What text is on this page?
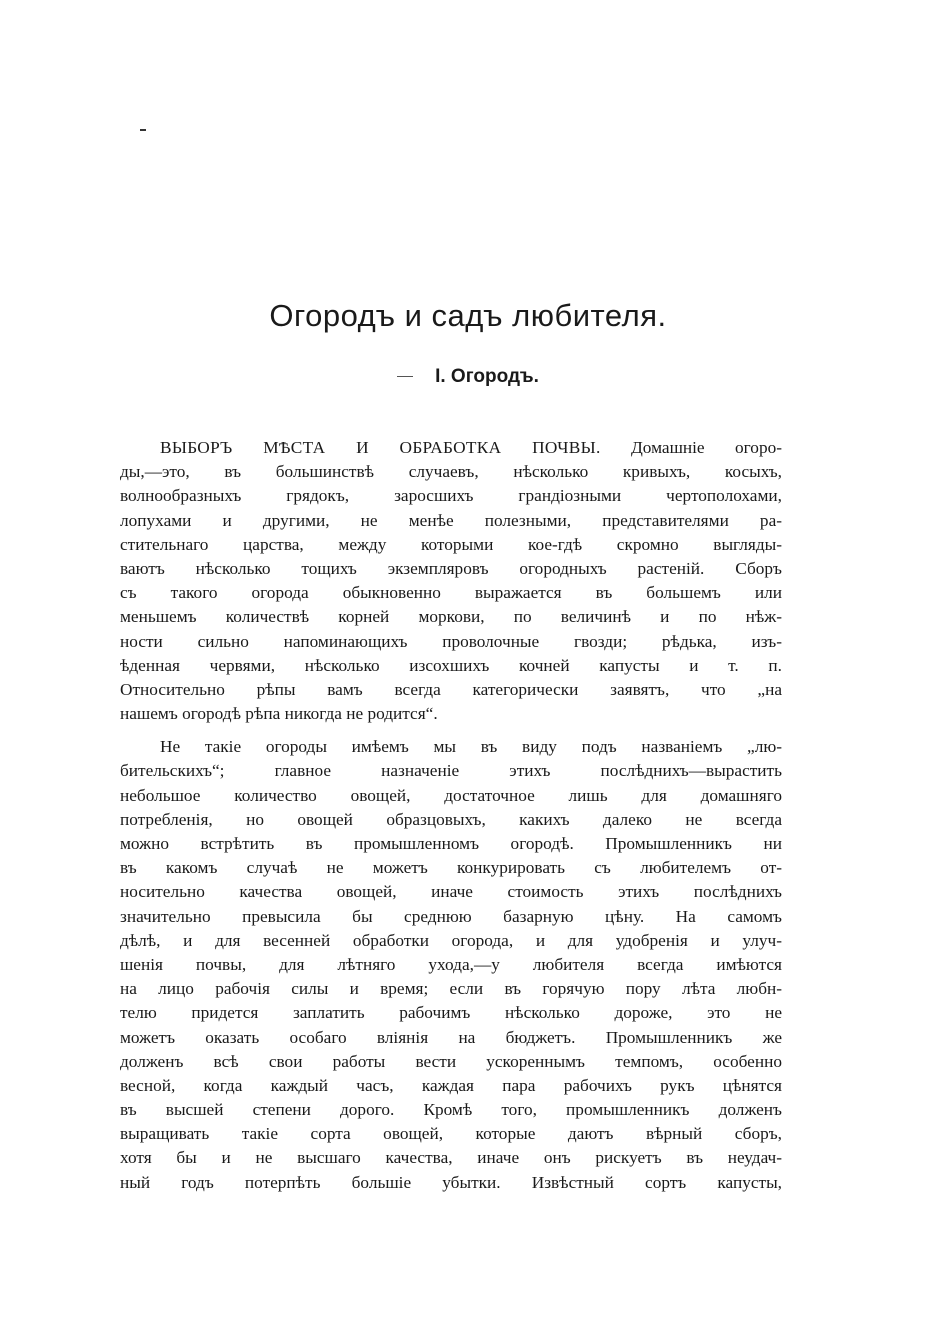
Огородъ и садъ любителя.
I. Огородъ.
ВЫБОРЪ МѢСТА И ОБРАБОТКА ПОЧВЫ. Домашніе огоро-
ды,—это, въ большинствѣ случаевъ, нѣсколько кривыхъ, косыхъ,
волнообразныхъ грядокъ, заросшихъ грандіозными чертополохами,
лопухами и другими, не менѣе полезными, представителями ра-
стительнаго царства, между которыми кое-гдѣ скромно выгляды-
ваютъ нѣсколько тощихъ экземпляровъ огородныхъ растеній. Сборъ
съ такого огорода обыкновенно выражается въ большемъ или
меньшемъ количествѣ корней моркови, по величинѣ и по нѣж-
ности сильно напоминающихъ проволочные гвозди; рѣдька, изъ-
ѣденная червями, нѣсколько изсохшихъ кочней капусты и т. п.
Относительно рѣпы вамъ всегда категорически заявятъ, что „на
нашемъ огородѣ рѣпа никогда не родится“.
Не такіе огороды имѣемъ мы въ виду подъ названіемъ „лю-
бительскихъ“; главное назначеніе этихъ послѣднихъ—вырастить
небольшое количество овощей, достаточное лишь для домашняго
потребленія, но овощей образцовыхъ, какихъ далеко не всегда
можно встрѣтить въ промышленномъ огородѣ. Промышленникъ ни
въ какомъ случаѣ не можетъ конкурировать съ любителемъ от-
носительно качества овощей, иначе стоимость этихъ послѣднихъ
значительно превысила бы среднюю базарную цѣну. На самомъ
дѣлѣ, и для весенней обработки огорода, и для удобренія и улуч-
шенія почвы, для лѣтняго ухода,—у любителя всегда имѣются
на лицо рабочія силы и время; если въ горячую пору лѣта любн-
телю придется заплатить рабочимъ нѣсколько дороже, это не
можетъ оказать особаго вліянія на бюджетъ. Промышленникъ же
долженъ всѣ свои работы вести ускореннымъ темпомъ, особенно
весной, когда каждый часъ, каждая пара рабочихъ рукъ цѣнятся
въ высшей степени дорого. Кромѣ того, промышленникъ долженъ
выращивать такіе сорта овощей, которые даютъ вѣрный сборъ,
хотя бы и не высшаго качества, иначе онъ рискуетъ въ неудач-
ный годъ потерпѣть большіе убытки. Извѣстный сортъ капусты,
